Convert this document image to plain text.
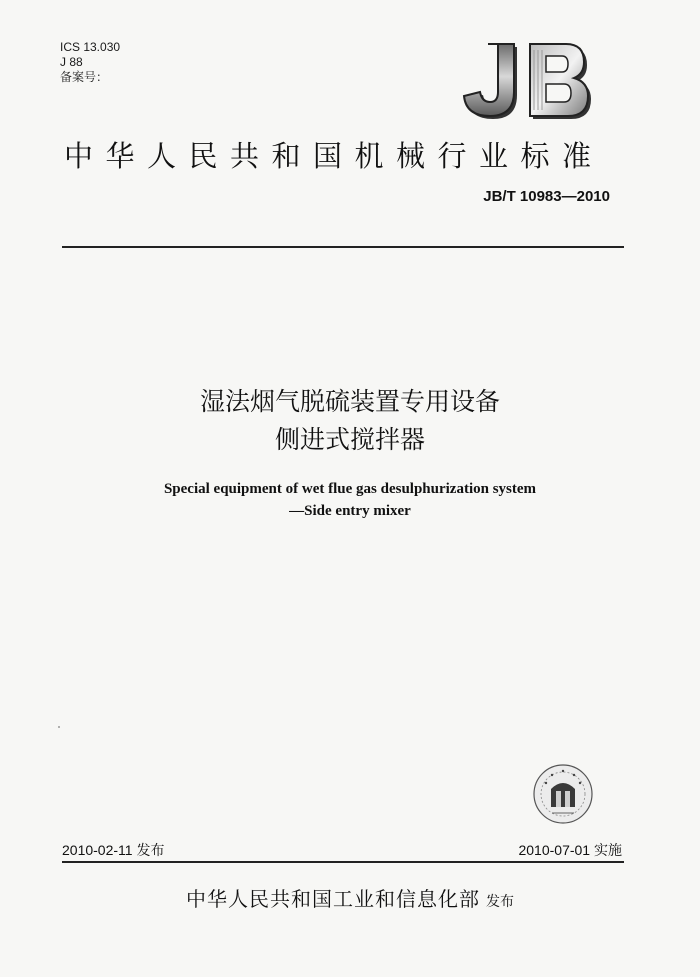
ICS 13.030
J 88
备案号：
中华人民共和国机械行业标准
JB/T 10983—2010
湿法烟气脱硫装置专用设备
侧进式搅拌器
Special equipment of wet flue gas desulphurization system
—Side entry mixer
2010-02-11 发布	2010-07-01 实施
中华人民共和国工业和信息化部 发布
